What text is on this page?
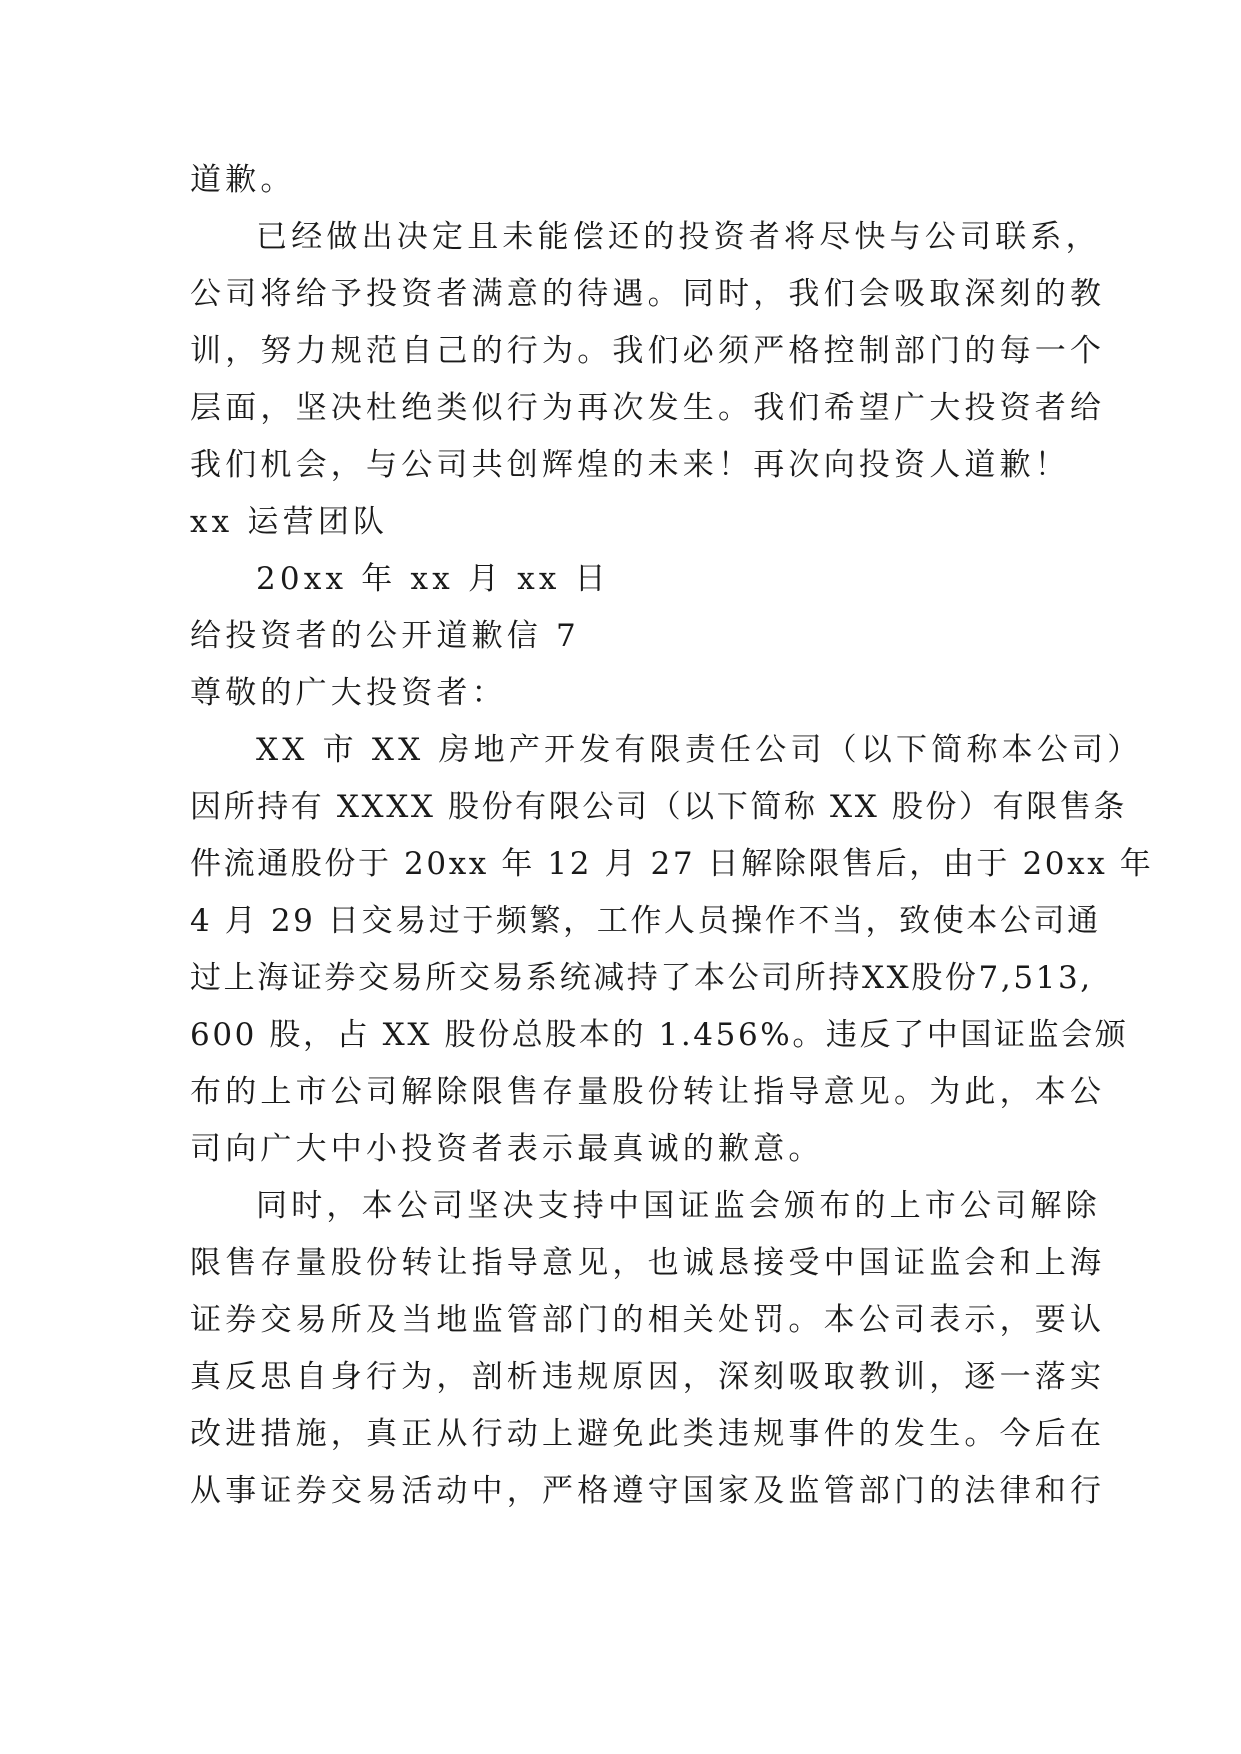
道歉。
已经做出决定且未能偿还的投资者将尽快与公司联系，
公司将给予投资者满意的待遇。同时，我们会吸取深刻的教
训，努力规范自己的行为。我们必须严格控制部门的每一个
层面，坚决杜绝类似行为再次发生。我们希望广大投资者给
我们机会，与公司共创辉煌的未来！再次向投资人道歉！
xx 运营团队
20xx 年 xx 月 xx 日
给投资者的公开道歉信 7
尊敬的广大投资者：
XX 市 XX 房地产开发有限责任公司（以下简称本公司）
因所持有 XXXX 股份有限公司（以下简称 XX 股份）有限售条
件流通股份于 20xx 年 12 月 27 日解除限售后，由于 20xx 年
4 月 29 日交易过于频繁，工作人员操作不当，致使本公司通
过上海证券交易所交易系统减持了本公司所持XX股份7,513,
600 股，占 XX 股份总股本的 1.456%。违反了中国证监会颁
布的上市公司解除限售存量股份转让指导意见。为此，本公
司向广大中小投资者表示最真诚的歉意。
同时，本公司坚决支持中国证监会颁布的上市公司解除
限售存量股份转让指导意见，也诚恳接受中国证监会和上海
证券交易所及当地监管部门的相关处罚。本公司表示，要认
真反思自身行为，剖析违规原因，深刻吸取教训，逐一落实
改进措施，真正从行动上避免此类违规事件的发生。今后在
从事证券交易活动中，严格遵守国家及监管部门的法律和行
